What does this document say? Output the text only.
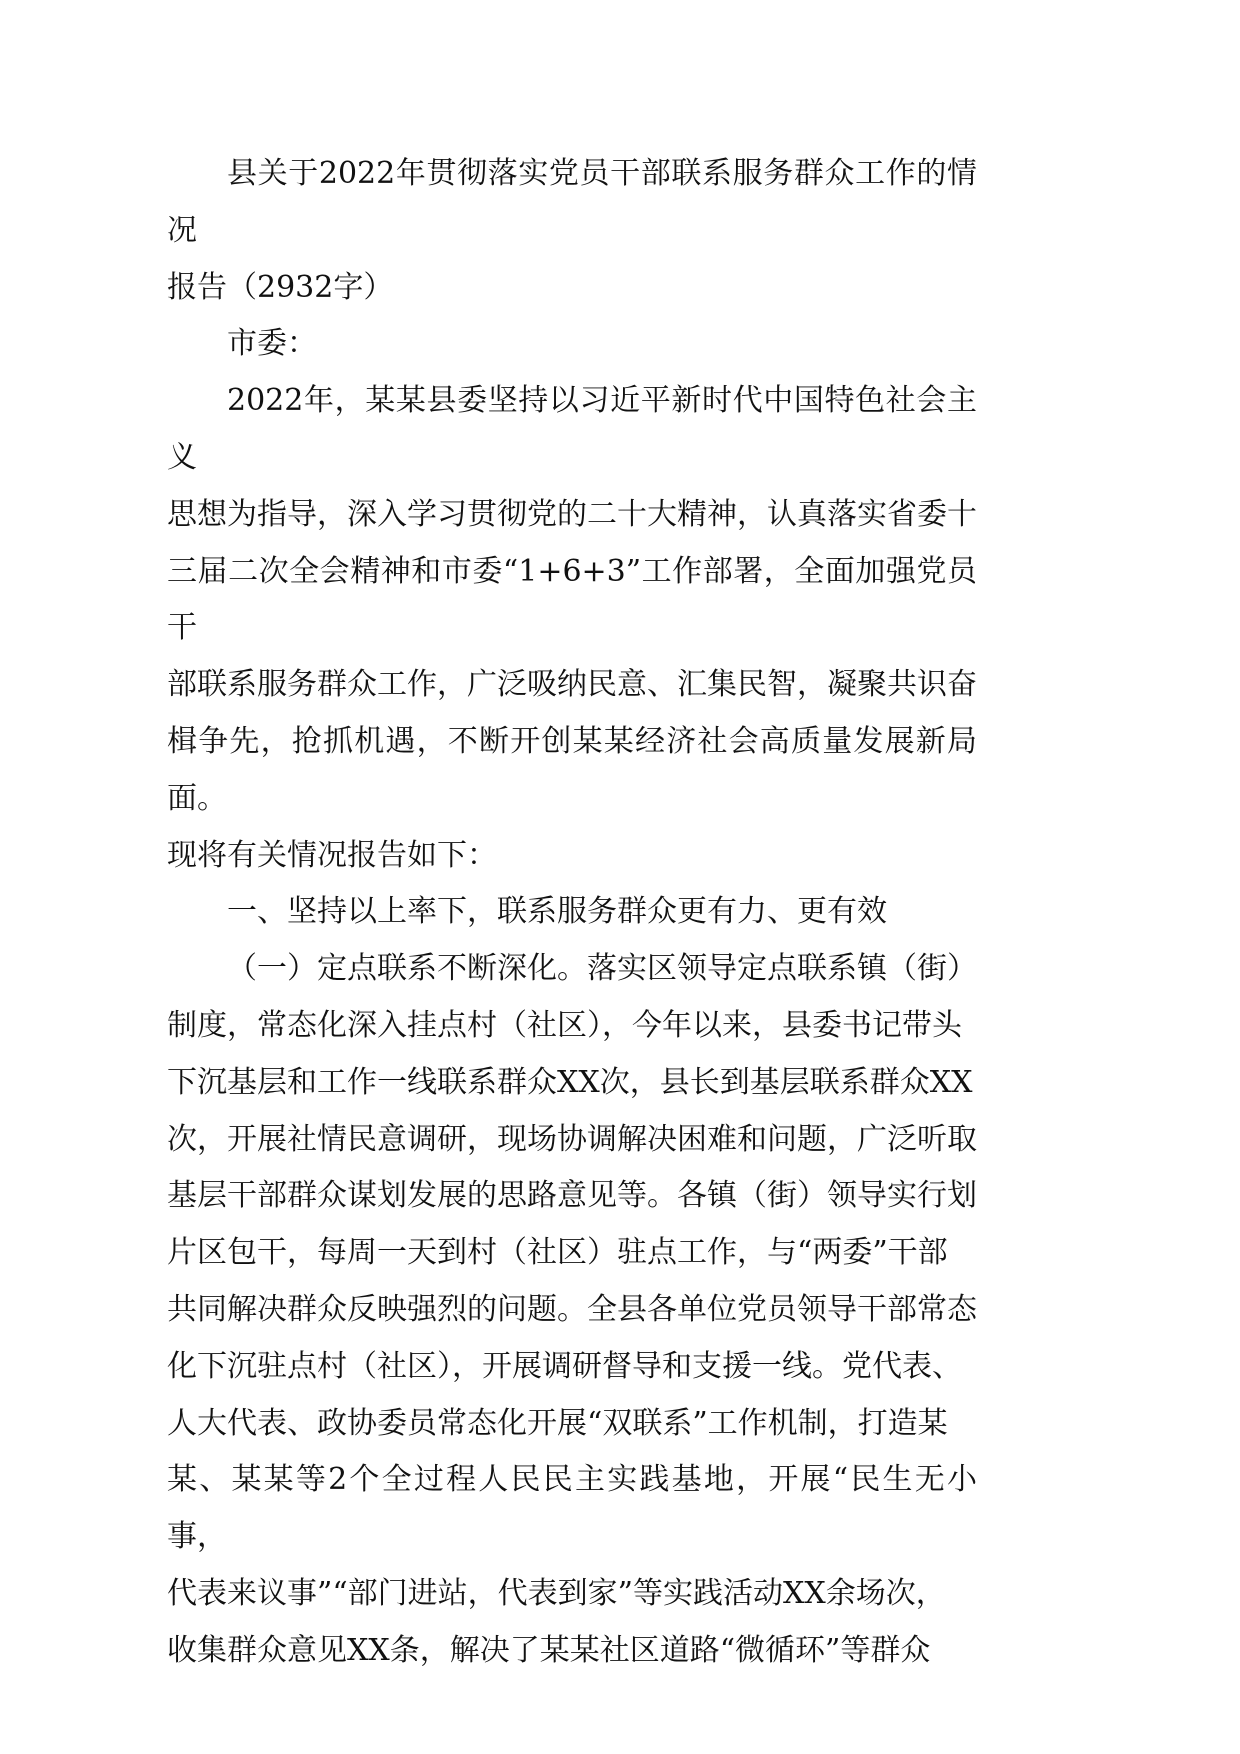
县关于2022年贯彻落实党员干部联系服务群众工作的情况

报告（2932字）

市委：

2022年，某某县委坚持以习近平新时代中国特色社会主义

思想为指导，深入学习贯彻党的二十大精神，认真落实省委十

三届二次全会精神和市委“1+6+3”工作部署，全面加强党员干

部联系服务群众工作，广泛吸纳民意、汇集民智，凝聚共识奋

楫争先，抢抓机遇，不断开创某某经济社会高质量发展新局面。

现将有关情况报告如下：

一、坚持以上率下，联系服务群众更有力、更有效

（一）定点联系不断深化。落实区领导定点联系镇（街）

制度，常态化深入挂点村（社区），今年以来，县委书记带头

下沉基层和工作一线联系群众XX次，县长到基层联系群众XX

次，开展社情民意调研，现场协调解决困难和问题，广泛听取

基层干部群众谋划发展的思路意见等。各镇（街）领导实行划

片区包干，每周一天到村（社区）驻点工作，与“两委”干部

共同解决群众反映强烈的问题。全县各单位党员领导干部常态

化下沉驻点村（社区），开展调研督导和支援一线。党代表、

人大代表、政协委员常态化开展“双联系”工作机制，打造某

某、某某等2个全过程人民民主实践基地，开展“民生无小事，

代表来议事”“部门进站，代表到家”等实践活动XX余场次，

收集群众意见XX条，解决了某某社区道路“微循环”等群众
